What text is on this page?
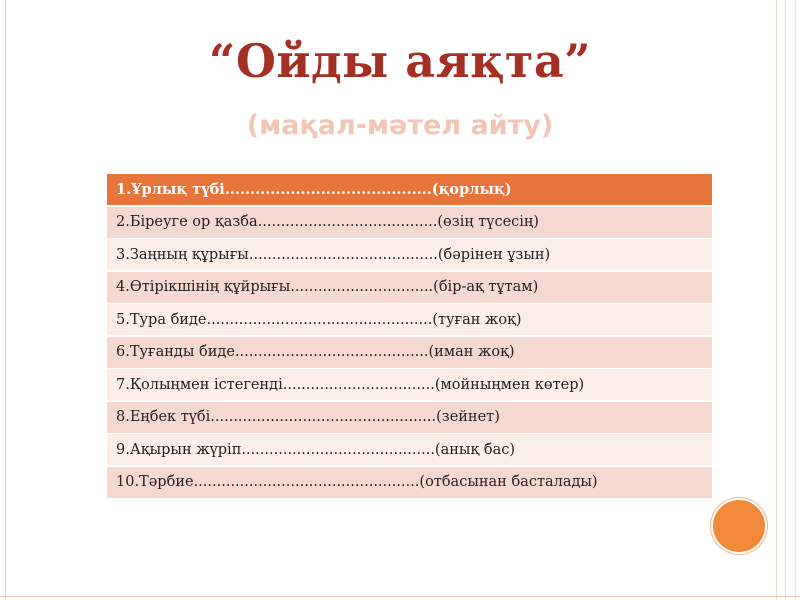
“Ойды аяқта”
(мақал-мәтел айту)
1.Ұрлық түбі.........................................(қорлық)
2.Біреуге ор қазба.......................................(өзің түсесің)
3.Заңның құрығы.........................................(бәрінен ұзын)
4.Өтірікшінің құйрығы...............................(бір-ақ тұтам)
5.Тура биде.................................................(туған жоқ)
6.Туғанды биде..........................................(иман жоқ)
7.Қолыңмен істегенді.................................(мойныңмен көтер)
8.Еңбек түбі.................................................(зейнет)
9.Ақырын жүріп..........................................(анық бас)
10.Тәрбие.................................................(отбасынан басталады)
